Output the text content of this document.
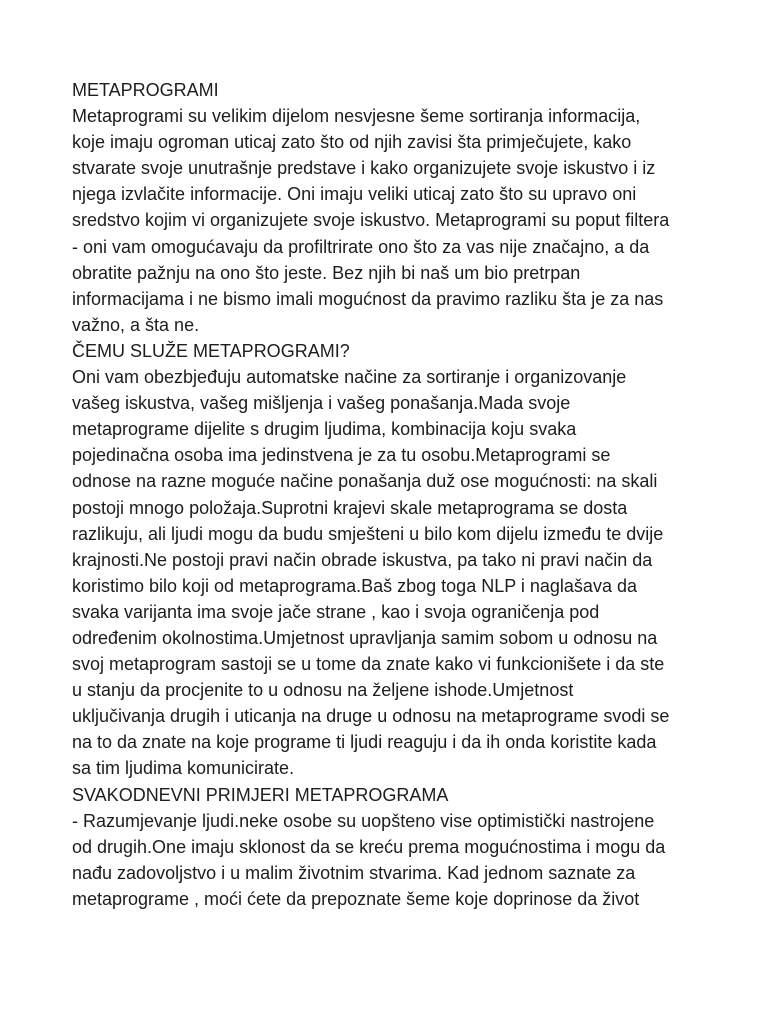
METAPROGRAMI
Metaprogrami su velikim dijelom nesvjesne šeme sortiranja informacija,
koje imaju ogroman uticaj zato što od njih zavisi šta primječujete, kako
stvarate svoje unutrašnje predstave i kako organizujete svoje iskustvo i iz
njega izvlačite informacije. Oni imaju veliki uticaj zato što su upravo oni
sredstvo kojim vi organizujete svoje iskustvo. Metaprogrami su poput filtera
- oni vam omogućavaju da profiltrirate ono što za vas nije značajno, a da
obratite pažnju na ono što jeste. Bez njih bi naš um bio pretrpan
informacijama i ne bismo imali mogućnost da pravimo razliku šta je za nas
važno, a šta ne.
ČEMU SLUŽE METAPROGRAMI?
Oni vam obezbjeđuju automatske načine za sortiranje i organizovanje
vašeg iskustva, vašeg mišljenja i vašeg ponašanja.Mada svoje
metaprograme dijelite s drugim ljudima, kombinacija koju svaka
pojedinačna osoba ima jedinstvena je za tu osobu.Metaprogrami se
odnose na razne moguće načine ponašanja duž ose mogućnosti: na skali
postoji mnogo položaja.Suprotni krajevi skale metaprograma se dosta
razlikuju, ali ljudi mogu da budu smješteni u bilo kom dijelu između te dvije
krajnosti.Ne postoji pravi način obrade iskustva, pa tako ni pravi način da
koristimo bilo koji od metaprograma.Baš zbog toga NLP i naglašava da
svaka varijanta ima svoje jače strane , kao i svoja ograničenja pod
određenim okolnostima.Umjetnost upravljanja samim sobom u odnosu na
svoj metaprogram sastoji se u tome da znate kako vi funkcionišete i da ste
u stanju da procjenite to u odnosu na željene ishode.Umjetnost
uključivanja drugih i uticanja na druge u odnosu na metaprograme svodi se
na to da znate na koje programe ti ljudi reaguju i da ih onda koristite kada
sa tim ljudima komunicirate.
SVAKODNEVNI PRIMJERI METAPROGRAMA
- Razumjevanje ljudi.neke osobe su uopšteno vise optimistički nastrojene
od drugih.One imaju sklonost da se kreću prema mogućnostima i mogu da
nađu zadovoljstvo i u malim životnim stvarima. Kad jednom saznate za
metaprograme , moći ćete da prepoznate šeme koje doprinose da život
